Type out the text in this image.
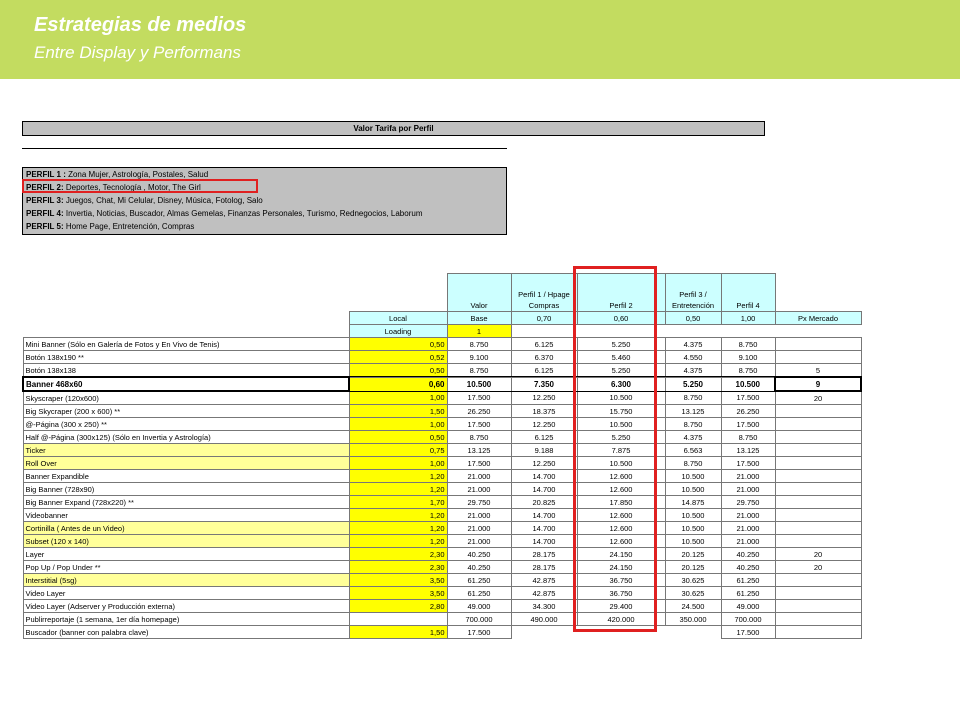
Estrategias de medios
Entre Display y Performans
Valor Tarifa por Perfil
PERFIL 1 : Zona Mujer, Astrología, Postales, Salud
PERFIL 2: Deportes, Tecnología , Motor, The Girl
PERFIL 3: Juegos, Chat, Mi Celular, Disney, Música, Fotolog, Salo
PERFIL 4: Invertia, Noticias, Buscador, Almas Gemelas, Finanzas Personales, Turismo, Rednegocios, Laborum
PERFIL 5: Home Page, Entretención, Compras
		Valor	Perfil 1 / Hpage Compras	Perfil 2	Perfil 3 / Entretención	Perfil 4	
	Local	Base	0,70	0,60	0,50	1,00	Px Mercado
	Loading	1					
Mini Banner (Sólo en Galería de Fotos y En Vivo de Tenis)	0,50	8.750	6.125	5.250	4.375	8.750	
Botón 138x190 **	0,52	9.100	6.370	5.460	4.550	9.100	
Botón 138x138	0,50	8.750	6.125	5.250	4.375	8.750	5
Banner 468x60	0,60	10.500	7.350	6.300	5.250	10.500	9
Skyscraper (120x600)	1,00	17.500	12.250	10.500	8.750	17.500	20
Big Skycraper (200 x 600) **	1,50	26.250	18.375	15.750	13.125	26.250	
@-Página (300 x 250) **	1,00	17.500	12.250	10.500	8.750	17.500	
Half @-Página (300x125) (Sólo en Invertia y Astrología)	0,50	8.750	6.125	5.250	4.375	8.750	
Ticker	0,75	13.125	9.188	7.875	6.563	13.125	
Roll Over	1,00	17.500	12.250	10.500	8.750	17.500	
Banner Expandible	1,20	21.000	14.700	12.600	10.500	21.000	
Big Banner (728x90)	1,20	21.000	14.700	12.600	10.500	21.000	
Big Banner Expand (728x220) **	1,70	29.750	20.825	17.850	14.875	29.750	
Videobanner	1,20	21.000	14.700	12.600	10.500	21.000	
Cortinilla ( Antes de un Video)	1,20	21.000	14.700	12.600	10.500	21.000	
Subset (120 x 140)	1,20	21.000	14.700	12.600	10.500	21.000	
Layer	2,30	40.250	28.175	24.150	20.125	40.250	20
Pop Up / Pop Under **	2,30	40.250	28.175	24.150	20.125	40.250	20
Interstitial (5sg)	3,50	61.250	42.875	36.750	30.625	61.250	
Video Layer	3,50	61.250	42.875	36.750	30.625	61.250	
Video Layer (Adserver y Producción externa)	2,80	49.000	34.300	29.400	24.500	49.000	
Publirreportaje (1 semana, 1er día homepage)		700.000	490.000	420.000	350.000	700.000	
Buscador (banner con palabra clave)	1,50	17.500				17.500	
